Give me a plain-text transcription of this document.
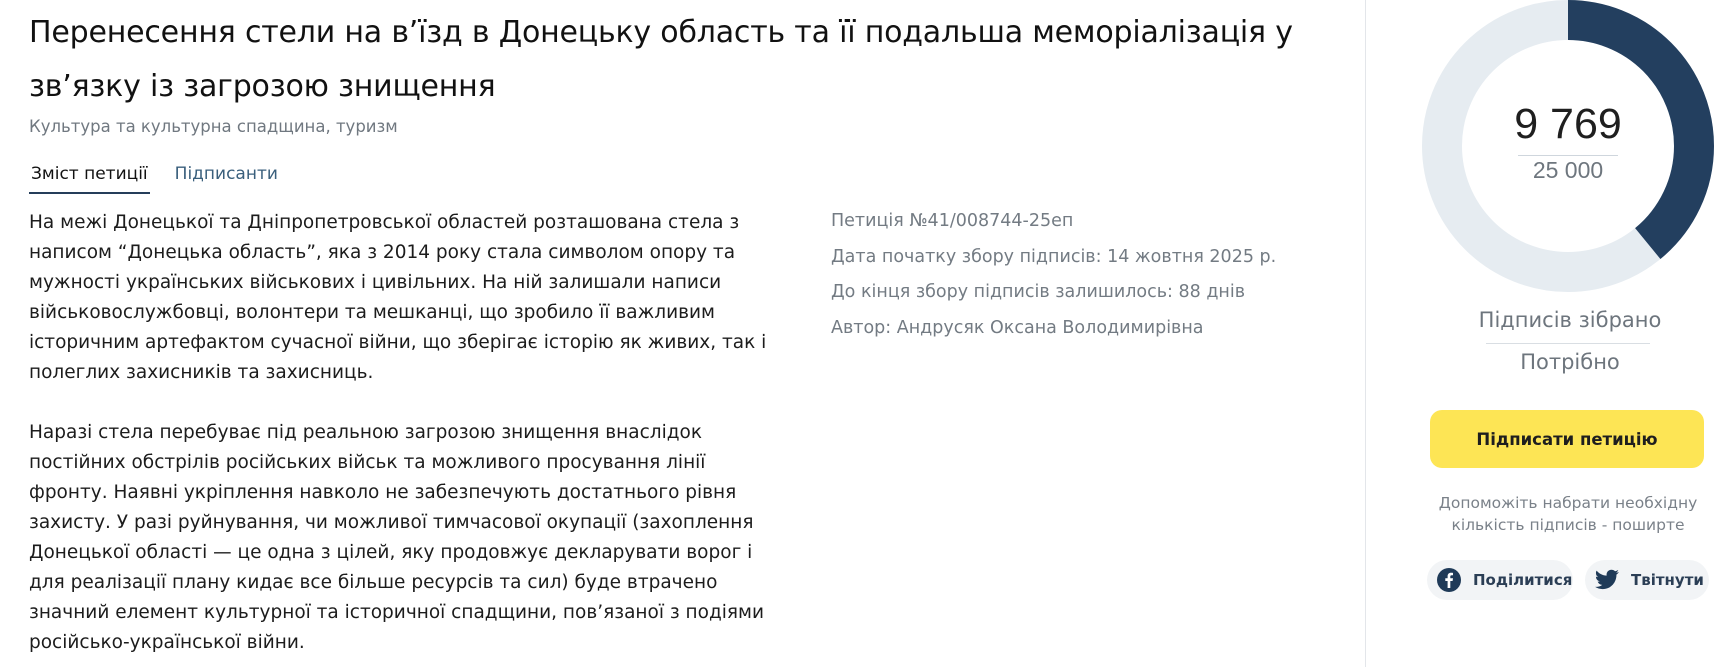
Перенесення стели на в’їзд в Донецьку область та її подальша меморіалізація у зв’язку із загрозою знищення
Культура та культурна спадщина, туризм
Зміст петиції Підписанти

На межі Донецької та Дніпропетровської областей розташована стела з написом “Донецька область”, яка з 2014 року стала символом опору та мужності українських військових і цивільних. На ній залишали написи військовослужбовці, волонтери та мешканці, що зробило її важливим історичним артефактом сучасної війни, що зберігає історію як живих, так і полеглих захисників та захисниць.

Наразі стела перебуває під реальною загрозою знищення внаслідок постійних обстрілів російських військ та можливого просування лінії фронту. Наявні укріплення навколо не забезпечують достатнього рівня захисту. У разі руйнування, чи можливої тимчасової окупації (захоплення Донецької області — це одна з цілей, яку продовжує декларувати ворог і для реалізації плану кидає все більше ресурсів та сил) буде втрачено значний елемент культурної та історичної спадщини, пов’язаної з подіями російсько-української війни.

Петиція №41/008744-25еп
Дата початку збору підписів: 14 жовтня 2025 р.
До кінця збору підписів залишилось: 88 днів
Автор: Андрусяк Оксана Володимирівна
9 769
25 000
Підписів зібрано
Потрібно
Підписати петицію
Допоможіть набрати необхідну кількість підписів - поширте
Поділитися	Твітнути
